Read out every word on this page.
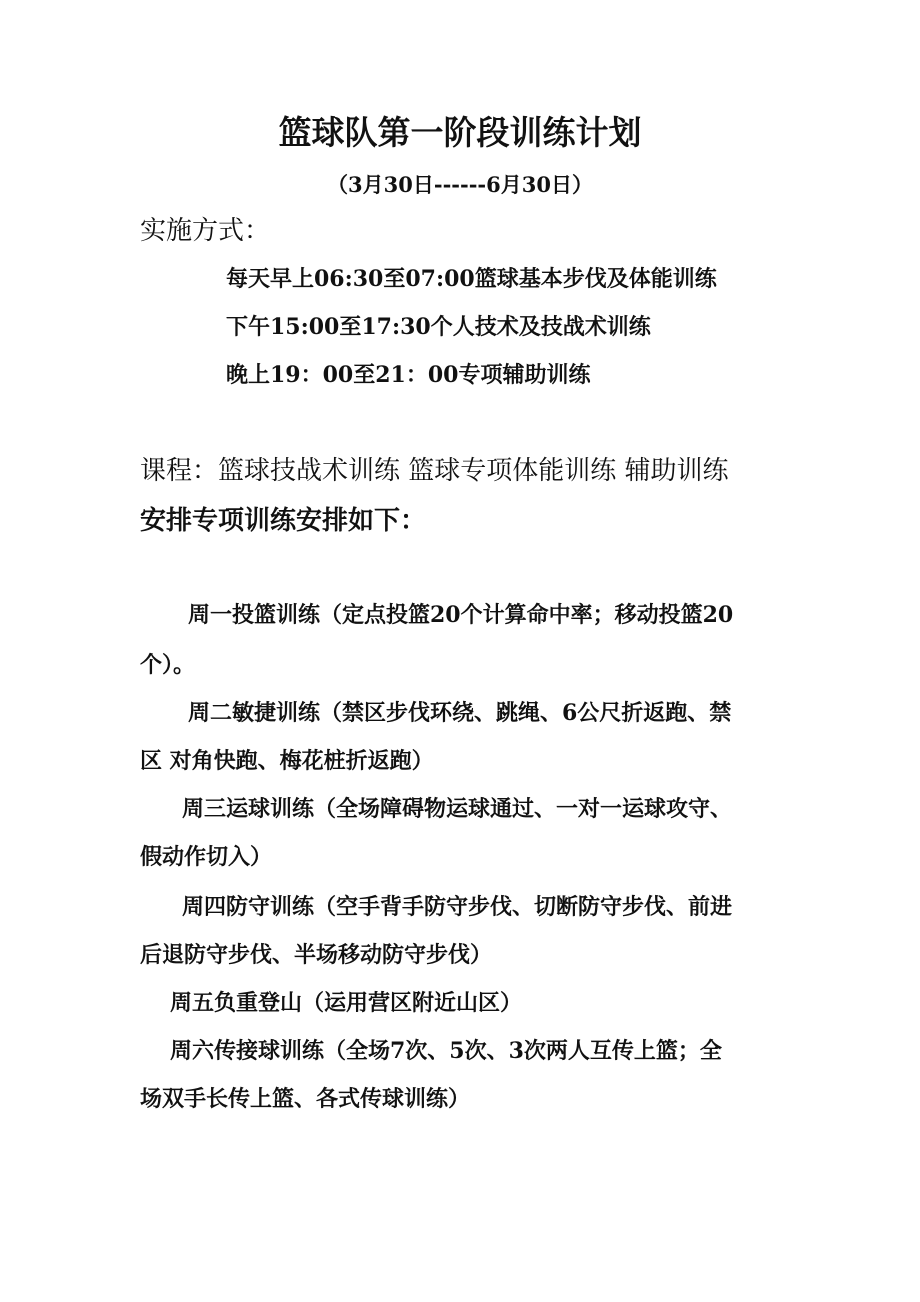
篮球队第一阶段训练计划
（3月30日------6月30日）
实施方式：
每天早上06:30至07:00篮球基本步伐及体能训练
下午15:00至17:30个人技术及技战术训练
晚上19：00至21：00专项辅助训练
课程：篮球技战术训练 篮球专项体能训练 辅助训练
安排专项训练安排如下：
周一投篮训练（定点投篮20个计算命中率；移动投篮20
个）。
周二敏捷训练（禁区步伐环绕、跳绳、6公尺折返跑、禁
区 对角快跑、梅花桩折返跑）
周三运球训练（全场障碍物运球通过、一对一运球攻守、
假动作切入）
周四防守训练（空手背手防守步伐、切断防守步伐、前进
后退防守步伐、半场移动防守步伐）
周五负重登山（运用营区附近山区）
周六传接球训练（全场7次、5次、3次两人互传上篮；全
场双手长传上篮、各式传球训练）
